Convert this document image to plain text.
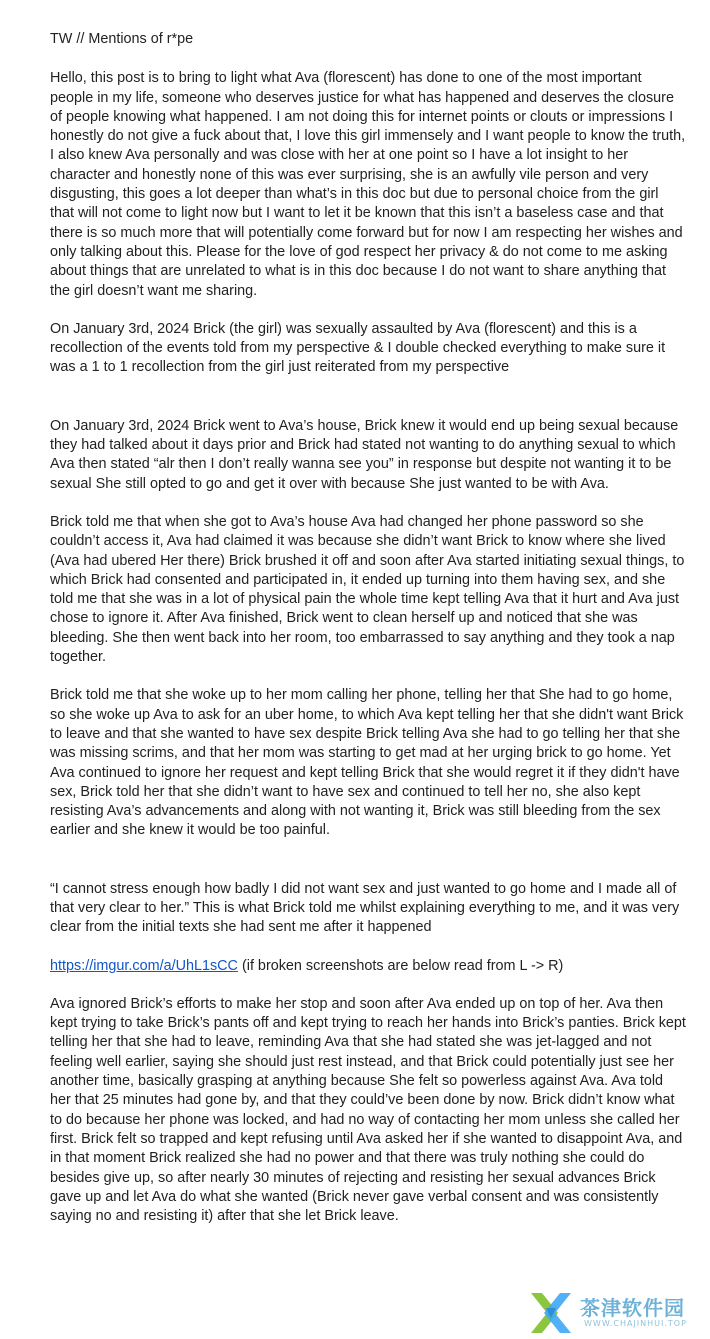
TW // Mentions of r*pe

Hello, this post is to bring to light what Ava (florescent) has done to one of the most important people in my life, someone who deserves justice for what has happened and deserves the closure of people knowing what happened. I am not doing this for internet points or clouts or impressions I honestly do not give a fuck about that, I love this girl immensely and I want people to know the truth, I also knew Ava personally and was close with her at one point so I have a lot insight to her character and honestly none of this was ever surprising, she is an awfully vile person and very disgusting, this goes a lot deeper than what’s in this doc but due to personal choice from the girl that will not come to light now but I want to let it be known that this isn’t a baseless case and that there is so much more that will potentially come forward but for now I am respecting her wishes and only talking about this. Please for the love of god respect her privacy & do not come to me asking about things that are unrelated to what is in this doc because I do not want to share anything that the girl doesn’t want me sharing.

On January 3rd, 2024 Brick (the girl) was sexually assaulted by Ava (florescent) and this is a recollection of the events told from my perspective & I double checked everything to make sure it was a 1 to 1 recollection from the girl just reiterated from my perspective

On January 3rd, 2024 Brick went to Ava’s house, Brick knew it would end up being sexual because they had talked about it days prior and Brick had stated not wanting to do anything sexual to which Ava then stated “alr then I don’t really wanna see you” in response but despite not wanting it to be sexual She still opted to go and get it over with because She just wanted to be with Ava.

Brick told me that when she got to Ava’s house Ava had changed her phone password so she couldn’t access it, Ava had claimed it was because she didn’t want Brick to know where she lived (Ava had ubered Her there) Brick brushed it off and soon after Ava started initiating sexual things, to which Brick had consented and participated in, it ended up turning into them having sex, and she told me that she was in a lot of physical pain the whole time kept telling Ava that it hurt and Ava just chose to ignore it. After Ava finished, Brick went to clean herself up and noticed that she was bleeding. She then went back into her room, too embarrassed to say anything and they took a nap together.

Brick told me that she woke up to her mom calling her phone, telling her that She had to go home, so she woke up Ava to ask for an uber home, to which Ava kept telling her that she didn't want Brick to leave and that she wanted to have sex despite Brick telling Ava she had to go telling her that she was missing scrims, and that her mom was starting to get mad at her urging brick to go home. Yet Ava continued to ignore her request and kept telling Brick that she would regret it if they didn't have sex, Brick told her that she didn’t want to have sex and continued to tell her no, she also kept resisting Ava’s advancements and along with not wanting it, Brick was still bleeding from the sex earlier and she knew it would be too painful.

“I cannot stress enough how badly I did not want sex and just wanted to go home and I made all of that very clear to her.” This is what Brick told me whilst explaining everything to me, and it was very clear from the initial texts she had sent me after it happened

https://imgur.com/a/UhL1sCC (if broken screenshots are below read from L -> R)

Ava ignored Brick’s efforts to make her stop and soon after Ava ended up on top of her. Ava then kept trying to take Brick’s pants off and kept trying to reach her hands into Brick’s panties. Brick kept telling her that she had to leave, reminding Ava that she had stated she was jet-lagged and not feeling well earlier, saying she should just rest instead, and that Brick could potentially just see her another time, basically grasping at anything because She felt so powerless against Ava. Ava told her that 25 minutes had gone by, and that they could’ve been done by now. Brick didn’t know what to do because her phone was locked, and had no way of contacting her mom unless she called her first. Brick felt so trapped and kept refusing until Ava asked her if she wanted to disappoint Ava, and in that moment Brick realized she had no power and that there was truly nothing she could do besides give up, so after nearly 30 minutes of rejecting and resisting her sexual advances Brick gave up and let Ava do what she wanted (Brick never gave verbal consent and was consistently saying no and resisting it) after that she let Brick leave.

茶津软件园
WWW.CHAJINHUI.TOP
